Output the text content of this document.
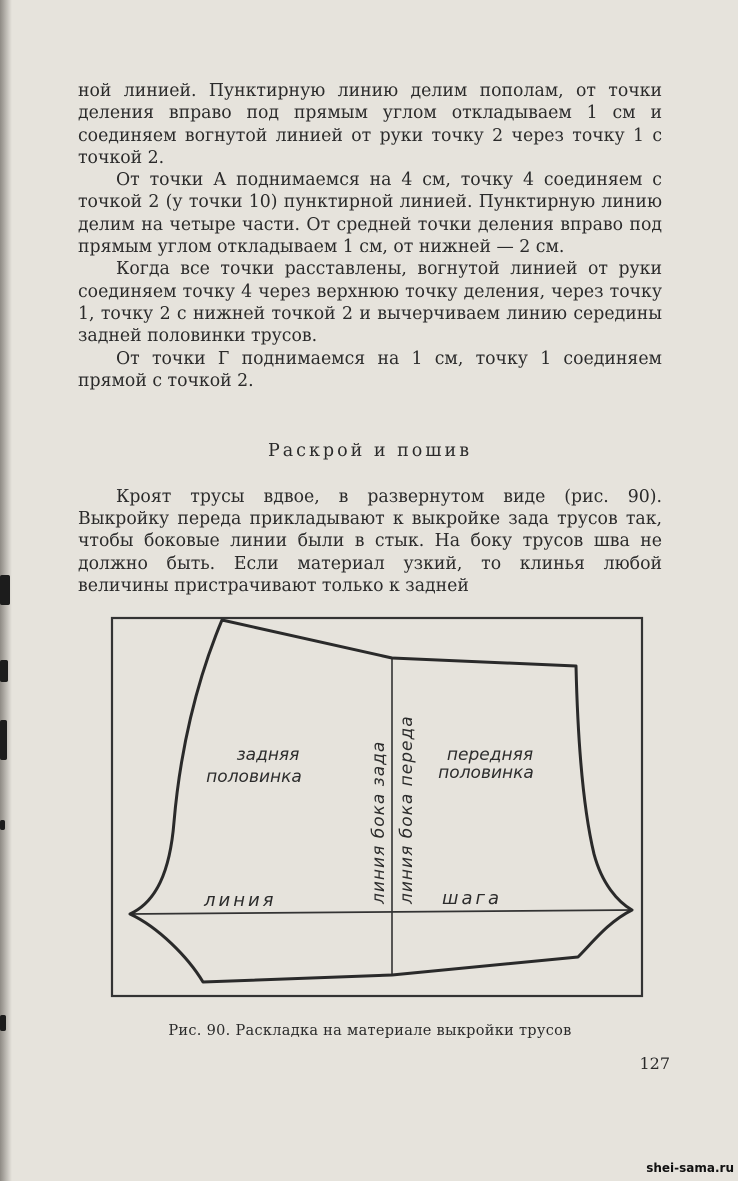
ной линией. Пунктирную линию делим пополам, от точки деления вправо под прямым углом откладываем 1 см и соединяем вогнутой линией от руки точку 2 через точку 1 с точкой 2.

От точки А поднимаемся на 4 см, точку 4 соединяем с точкой 2 (у точки 10) пунктирной линией. Пунктирную линию делим на четыре части. От средней точки деления вправо под прямым углом откладываем 1 см, от нижней — 2 см.

Когда все точки расставлены, вогнутой линией от руки соединяем точку 4 через верхнюю точку деления, через точку 1, точку 2 с нижней точкой 2 и вычерчиваем линию середины задней половинки трусов.

От точки Г поднимаемся на 1 см, точку 1 соединяем прямой с точкой 2.

Раскрой и пошив

Кроят трусы вдвое, в развернутом виде (рис. 90). Выкройку переда прикладывают к выкройке зада трусов так, чтобы боковые линии были в стык. На боку трусов шва не должно быть. Если материал узкий, то клинья любой величины пристрачивают только к задней

задняя
половинка
передняя
половинка
линия бока зада линия бока переда
линия	шага
Рис. 90. Раскладка на материале выкройки трусов
127
shei-sama.ru
